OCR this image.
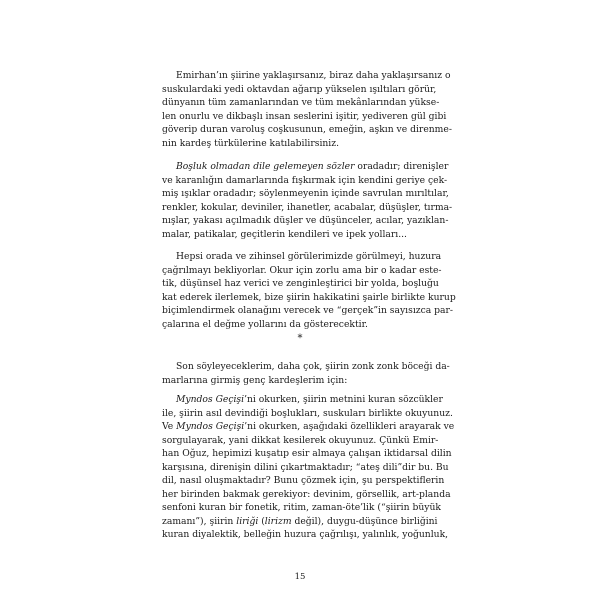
Emirhan’ın şiirine yaklaşırsanız, biraz daha yaklaşırsanız o
suskulardaki yedi oktavdan ağarıp yükselen ışıltıları görür,
dünyanın tüm zamanlarından ve tüm mekânlarından yükse-
len onurlu ve dikbaşlı insan seslerini işitir, yediveren gül gibi
göverip duran varoluş coşkusunun, emeğin, aşkın ve direnme-
nin kardeş türkülerine katılabilirsiniz.
Boşluk olmadan dile gelemeyen sözler oradadır; direnişler
ve karanlığın damarlarında fışkırmak için kendini geriye çek-
miş ışıklar oradadır; söylenmeyenin içinde savrulan mırıltılar,
renkler, kokular, deviniler, ihanetler, acabalar, düşüşler, tırma-
nışlar, yakası açılmadık düşler ve düşünceler, acılar, yazıklan-
malar, patikalar, geçitlerin kendileri ve ipek yolları...
Hepsi orada ve zihinsel görülerimizde görülmeyi, huzura
çağrılmayı bekliyorlar. Okur için zorlu ama bir o kadar este-
tik, düşünsel haz verici ve zenginleştirici bir yolda, boşluğu
kat ederek ilerlemek, bize şiirin hakikatini şairle birlikte kurup
biçimlendirmek olanağını verecek ve “gerçek”in sayısızca par-
çalarına el değme yollarını da gösterecektir.
*
Son söyleyeceklerim, daha çok, şiirin zonk zonk böceği da-
marlarına girmiş genç kardeşlerim için:
Myndos Geçişi’ni okurken, şiirin metnini kuran sözcükler
ile, şiirin asıl devindiği boşlukları, suskuları birlikte okuyunuz.
Ve Myndos Geçişi’ni okurken, aşağıdaki özellikleri arayarak ve
sorgulayarak, yani dikkat kesilerek okuyunuz. Çünkü Emir-
han Oğuz, hepimizi kuşatıp esir almaya çalışan iktidarsal dilin
karşısına, direnişin dilini çıkartmaktadır; “ateş dili”dir bu. Bu
dil, nasıl oluşmaktadır? Bunu çözmek için, şu perspektiflerin
her birinden bakmak gerekiyor: devinim, görsellik, art-planda
senfoni kuran bir fonetik, ritim, zaman-öte’lik (“şiirin büyük
zamanı”), şiirin liriği (lirizm değil), duygu-düşünce birliğini
kuran diyalektik, belleğin huzura çağrılışı, yalınlık, yoğunluk,
15
